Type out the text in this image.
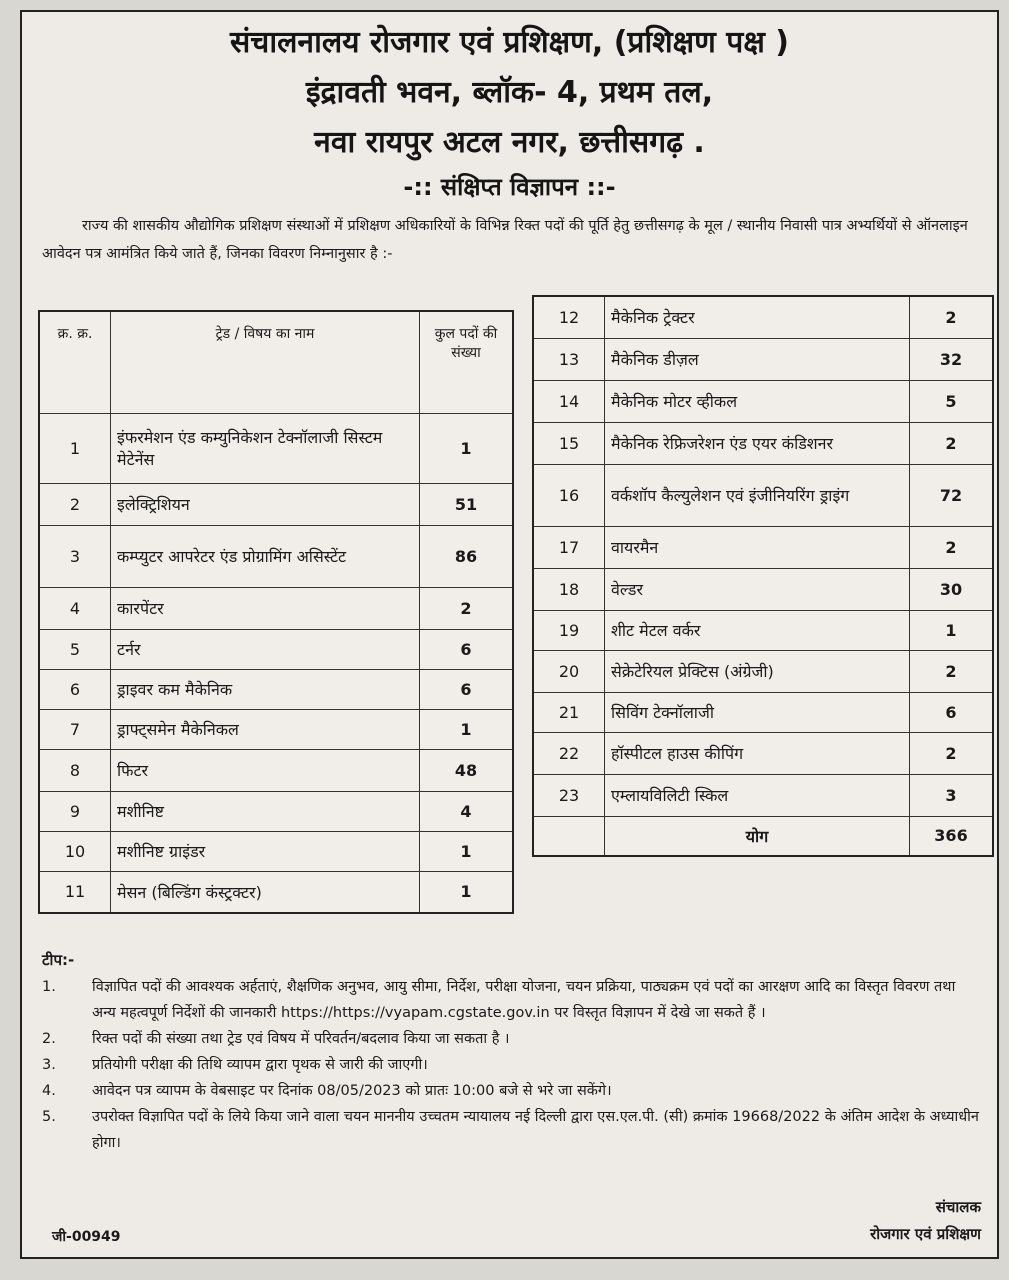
संचालनालय रोजगार एवं प्रशिक्षण, (प्रशिक्षण पक्ष )
इंद्रावती भवन, ब्लॉक- 4, प्रथम तल,
नवा रायपुर अटल नगर, छत्तीसगढ़ .
-:: संक्षिप्त विज्ञापन ::-
राज्य की शासकीय औद्योगिक प्रशिक्षण संस्थाओं में प्रशिक्षण अधिकारियों के विभिन्न रिक्त पदों की पूर्ति हेतु छत्तीसगढ़ के मूल / स्थानीय निवासी पात्र अभ्यर्थियों से ऑनलाइन आवेदन पत्र आमंत्रित किये जाते हैं, जिनका विवरण निम्नानुसार है :-
क्र. क्र.	ट्रेड / विषय का नाम	कुल पदों की संख्या
1	इंफरमेशन एंड कम्युनिकेशन टेक्नॉलाजी सिस्टम मेटेनेंस	1
2	इलेक्ट्रिशियन	51
3	कम्प्युटर आपरेटर एंड प्रोग्रामिंग असिस्टेंट	86
4	कारपेंटर	2
5	टर्नर	6
6	ड्राइवर कम मैकेनिक	6
7	ड्राफ्ट्समेन मैकेनिकल	1
8	फिटर	48
9	मशीनिष्ट	4
10	मशीनिष्ट ग्राइंडर	1
11	मेसन (बिल्डिंग कंस्ट्रक्टर)	1
12	मैकेनिक ट्रेक्टर	2
13	मैकेनिक डीज़ल	32
14	मैकेनिक मोटर व्हीकल	5
15	मैकेनिक रेफ्रिजरेशन एंड एयर कंडिशनर	2
16	वर्कशॉप कैल्युलेशन एवं इंजीनियरिंग ड्राइंग	72
17	वायरमैन	2
18	वेल्डर	30
19	शीट मेटल वर्कर	1
20	सेक्रेटेरियल प्रेक्टिस (अंग्रेजी)	2
21	सिविंग टेक्नॉलाजी	6
22	हॉस्पीटल हाउस कीपिंग	2
23	एम्लायविलिटी स्किल	3
	योग	366
टीप:-
1.	विज्ञापित पदों की आवश्यक अर्हताएं, शैक्षणिक अनुभव, आयु सीमा, निर्देश, परीक्षा योजना, चयन प्रक्रिया, पाठ्यक्रम एवं पदों का आरक्षण आदि का विस्तृत विवरण तथा अन्य महत्वपूर्ण निर्देशों की जानकारी https://https://vyapam.cgstate.gov.in पर विस्तृत विज्ञापन में देखे जा सकते हैं ।
2.	रिक्त पदों की संख्या तथा ट्रेड एवं विषय में परिवर्तन/बदलाव किया जा सकता है ।
3.	प्रतियोगी परीक्षा की तिथि व्यापम द्वारा पृथक से जारी की जाएगी।
4.	आवेदन पत्र व्यापम के वेबसाइट पर दिनांक 08/05/2023 को प्रातः 10:00 बजे से भरे जा सकेंगे।
5.	उपरोक्त विज्ञापित पदों के लिये किया जाने वाला चयन माननीय उच्चतम न्यायालय नई दिल्ली द्वारा एस.एल.पी. (सी) क्रमांक 19668/2022 के अंतिम आदेश के अध्याधीन होगा।
संचालक
रोजगार एवं प्रशिक्षण
जी-00949
